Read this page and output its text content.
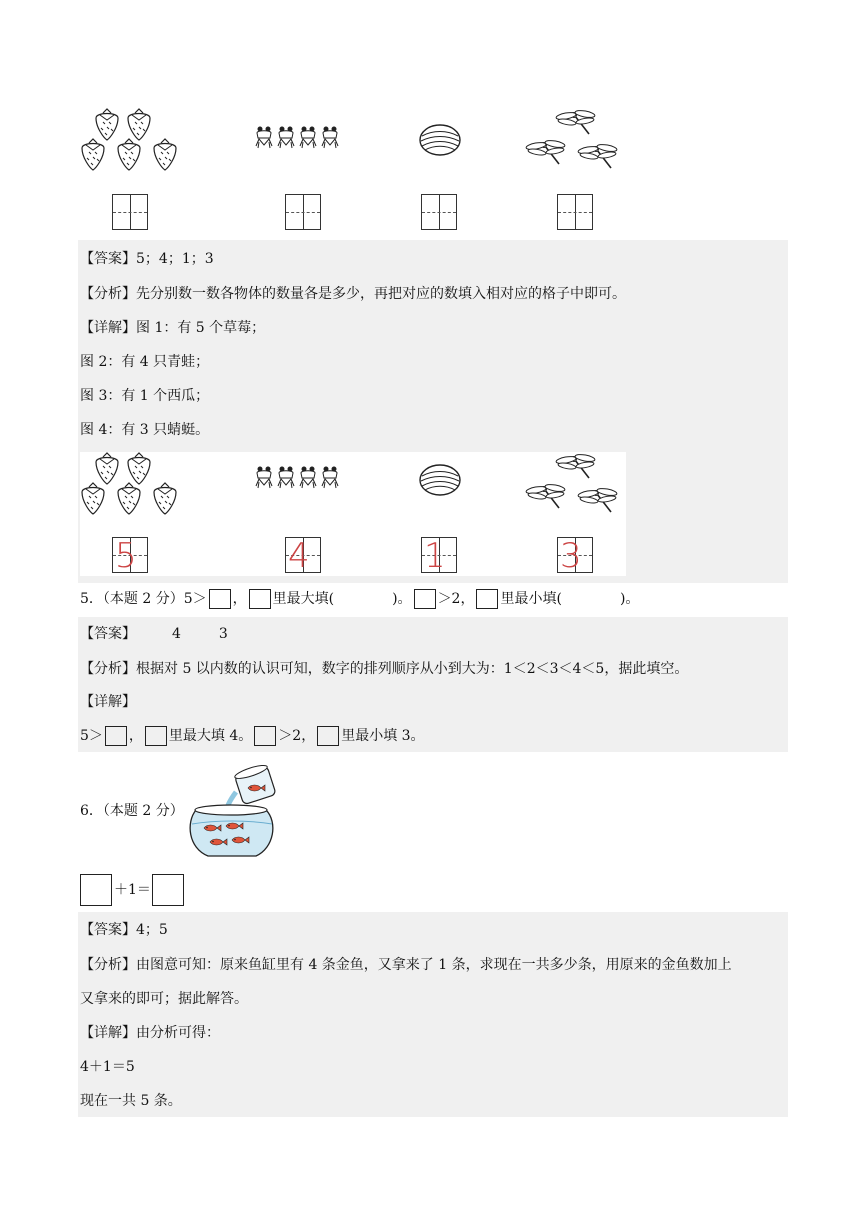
【答案】5；4；1；3
【分析】先分别数一数各物体的数量各是多少，再把对应的数填入相对应的格子中即可。
【详解】图 1：有 5 个草莓；
图 2：有 4 只青蛙；
图 3：有 1 个西瓜；
图 4：有 3 只蜻蜓。
5	4	1	3
5．（本题 2 分）5＞ ， 里最大填(	)。 ＞2， 里最小填(	)。
【答案】	4	3
【分析】根据对 5 以内数的认识可知，数字的排列顺序从小到大为：1＜2＜3＜4＜5，据此填空。
【详解】
5＞ ， 里最大填 4。 ＞2， 里最小填 3。
6．（本题 2 分）
＋1＝
【答案】4；5
【分析】由图意可知：原来鱼缸里有 4 条金鱼，又拿来了 1 条，求现在一共多少条，用原来的金鱼数加上
又拿来的即可；据此解答。
【详解】由分析可得：
4＋1＝5
现在一共 5 条。
